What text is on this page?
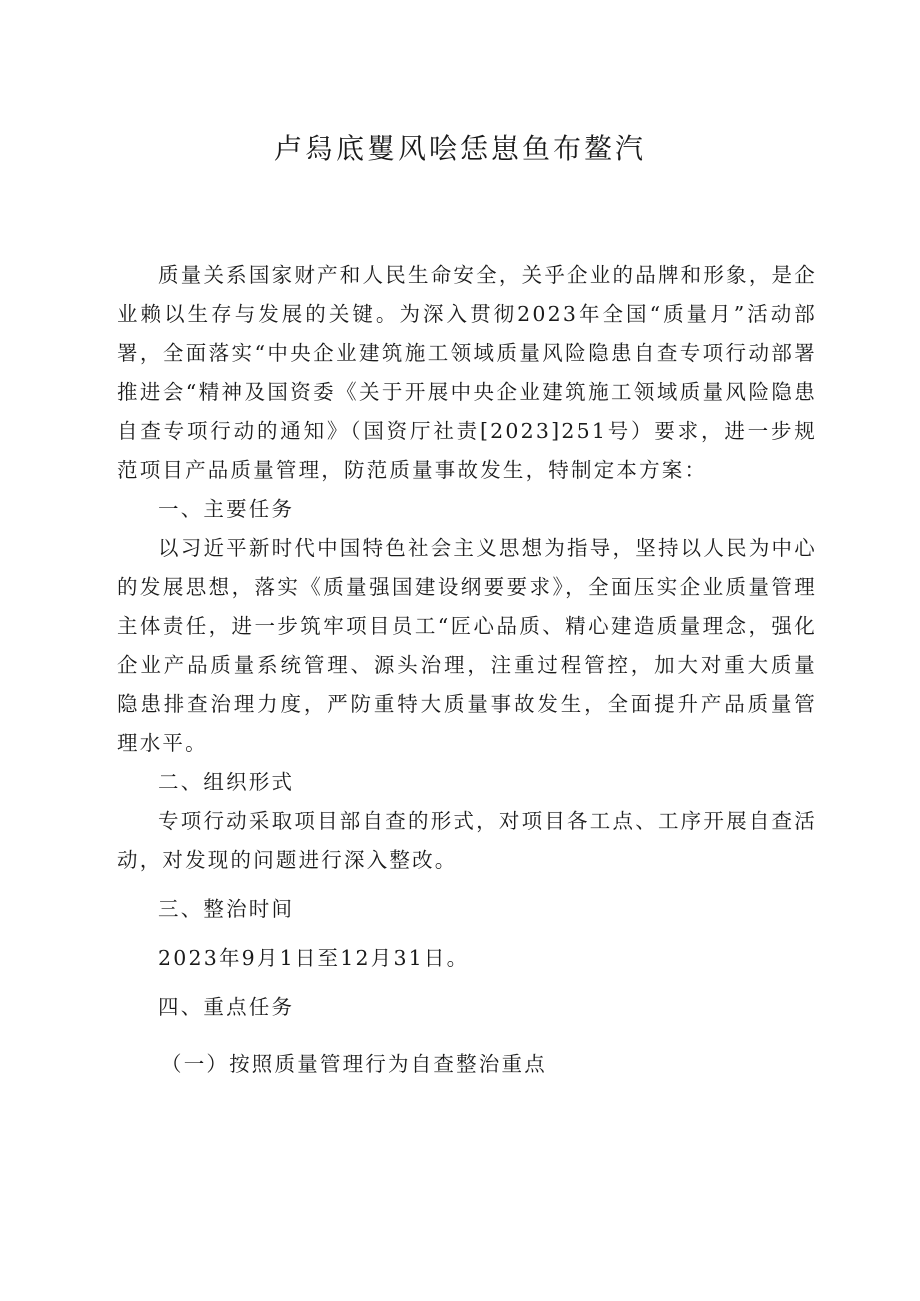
卢舄底矍风哙恁崽鱼布鳌汽

质量关系国家财产和人民生命安全，关乎企业的品牌和形象，是企业赖以生存与发展的关键。为深入贯彻2023年全国“质量月”活动部署，全面落实“中央企业建筑施工领域质量风险隐患自查专项行动部署推进会“精神及国资委《关于开展中央企业建筑施工领域质量风险隐患自查专项行动的通知》（国资厅社责[2023]251号）要求，进一步规范项目产品质量管理，防范质量事故发生，特制定本方案：

一、主要任务

以习近平新时代中国特色社会主义思想为指导，坚持以人民为中心的发展思想，落实《质量强国建设纲要要求》，全面压实企业质量管理主体责任，进一步筑牢项目员工“匠心品质、精心建造质量理念，强化企业产品质量系统管理、源头治理，注重过程管控，加大对重大质量隐患排查治理力度，严防重特大质量事故发生，全面提升产品质量管理水平。

二、组织形式

专项行动采取项目部自查的形式，对项目各工点、工序开展自查活动，对发现的问题进行深入整改。

三、整治时间

2023年9月1日至12月31日。

四、重点任务

（一）按照质量管理行为自查整治重点
